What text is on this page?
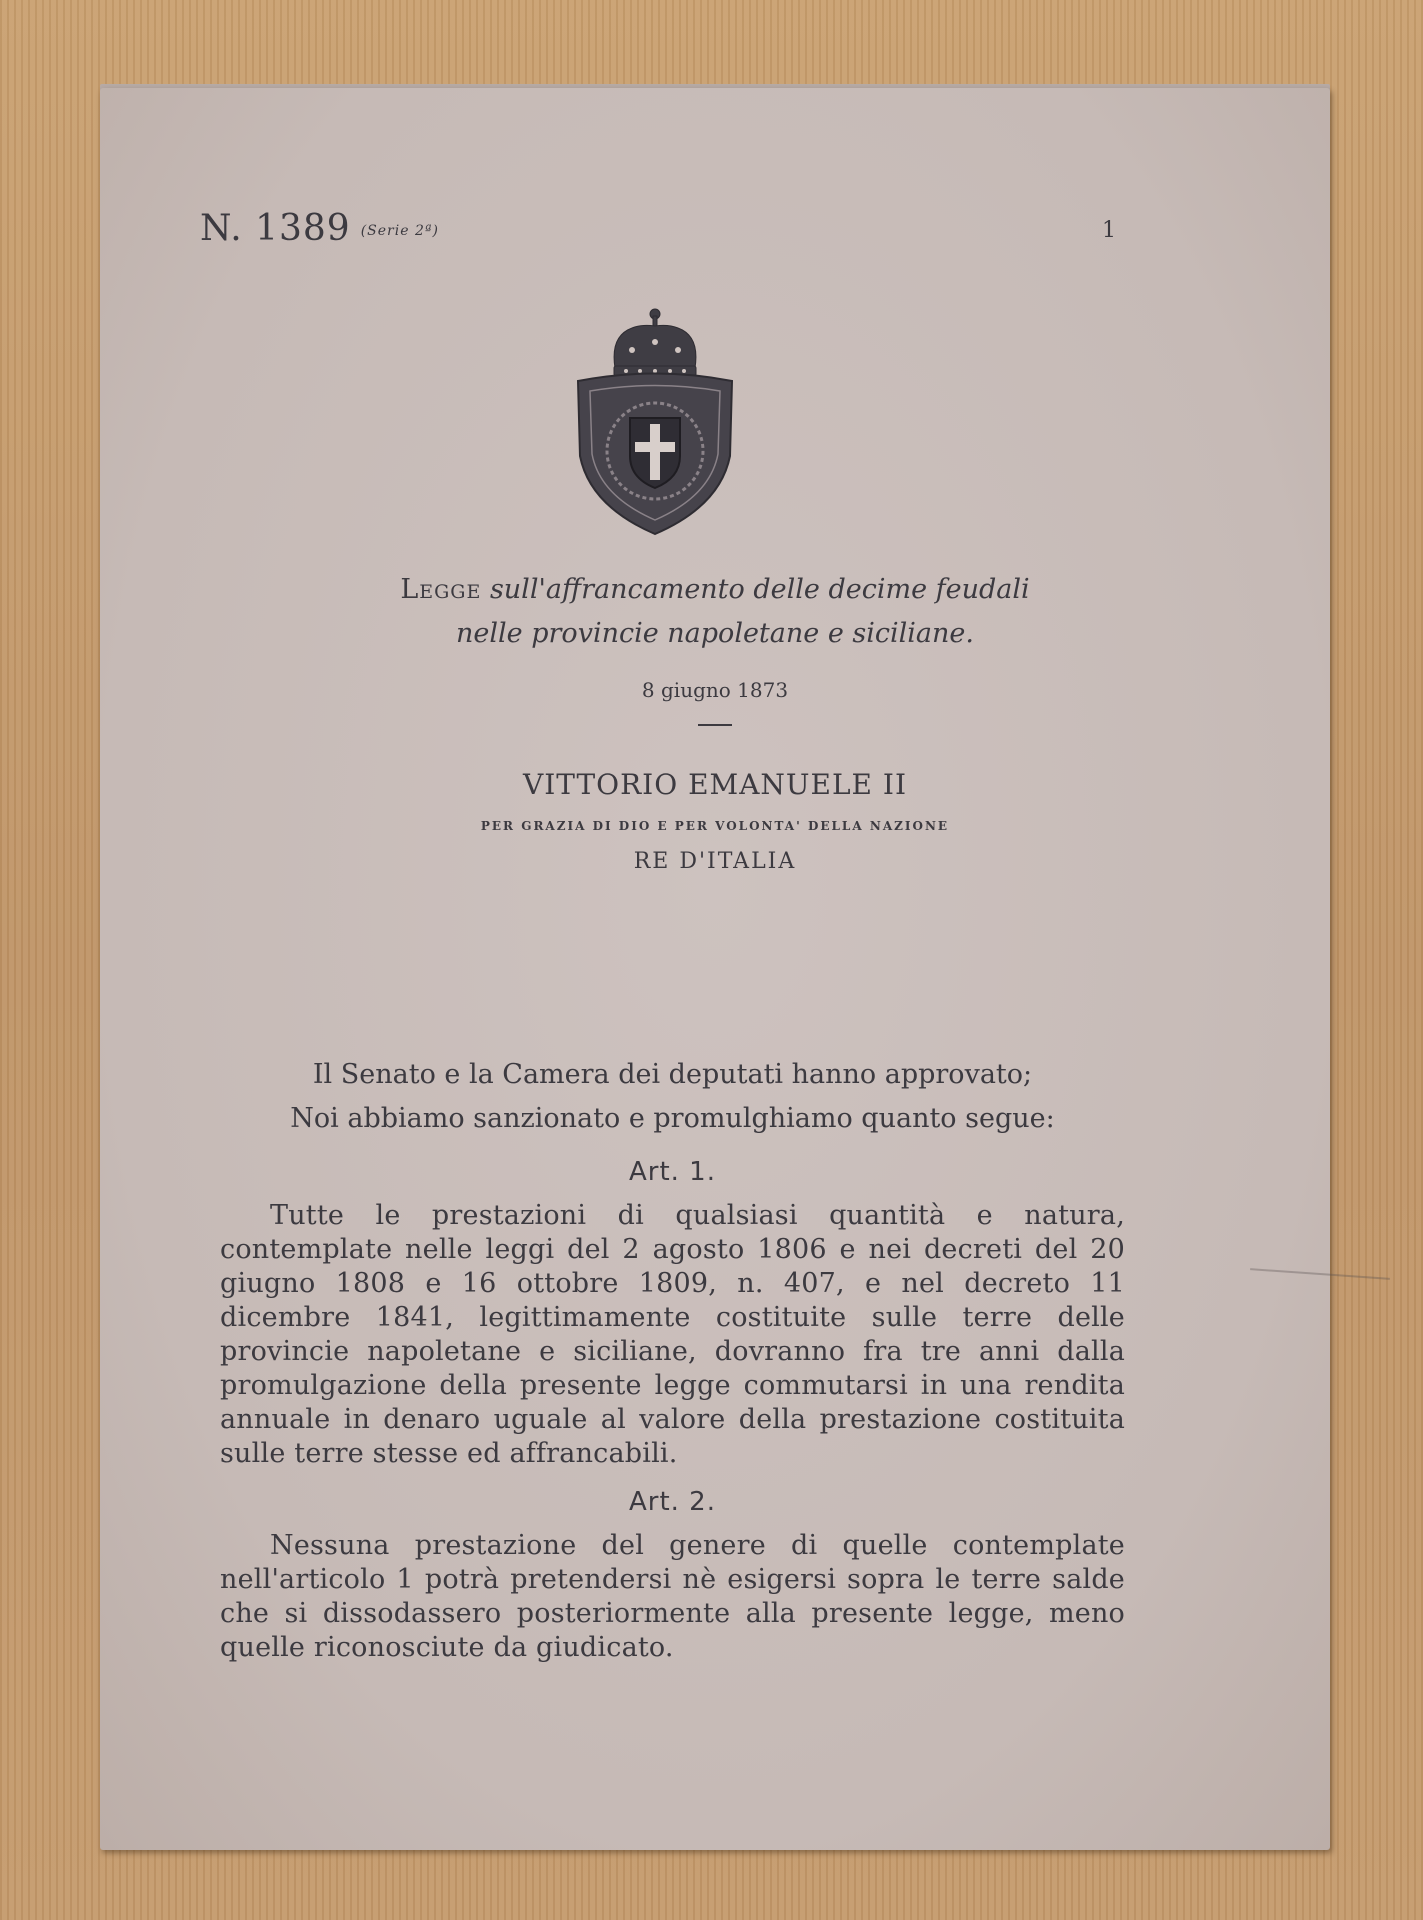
N. 1389 (Serie 2ª)	1
Legge sull'affrancamento delle decime feudali
nelle provincie napoletane e siciliane.
8 giugno 1873
VITTORIO EMANUELE II
PER GRAZIA DI DIO E PER VOLONTA' DELLA NAZIONE
RE D'ITALIA
Il Senato e la Camera dei deputati hanno approvato;
Noi abbiamo sanzionato e promulghiamo quanto segue:
Art. 1.
Tutte le prestazioni di qualsiasi quantità e natura, contemplate nelle leggi del 2 agosto 1806 e nei decreti del 20 giugno 1808 e 16 ottobre 1809, n. 407, e nel decreto 11 dicembre 1841, legittimamente costituite sulle terre delle provincie napoletane e siciliane, dovranno fra tre anni dalla promulgazione della presente legge commutarsi in una rendita annuale in denaro uguale al valore della prestazione costituita sulle terre stesse ed affrancabili.
Art. 2.
Nessuna prestazione del genere di quelle contemplate nell'articolo 1 potrà pretendersi nè esigersi sopra le terre salde che si dissodassero posteriormente alla presente legge, meno quelle riconosciute da giudicato.
